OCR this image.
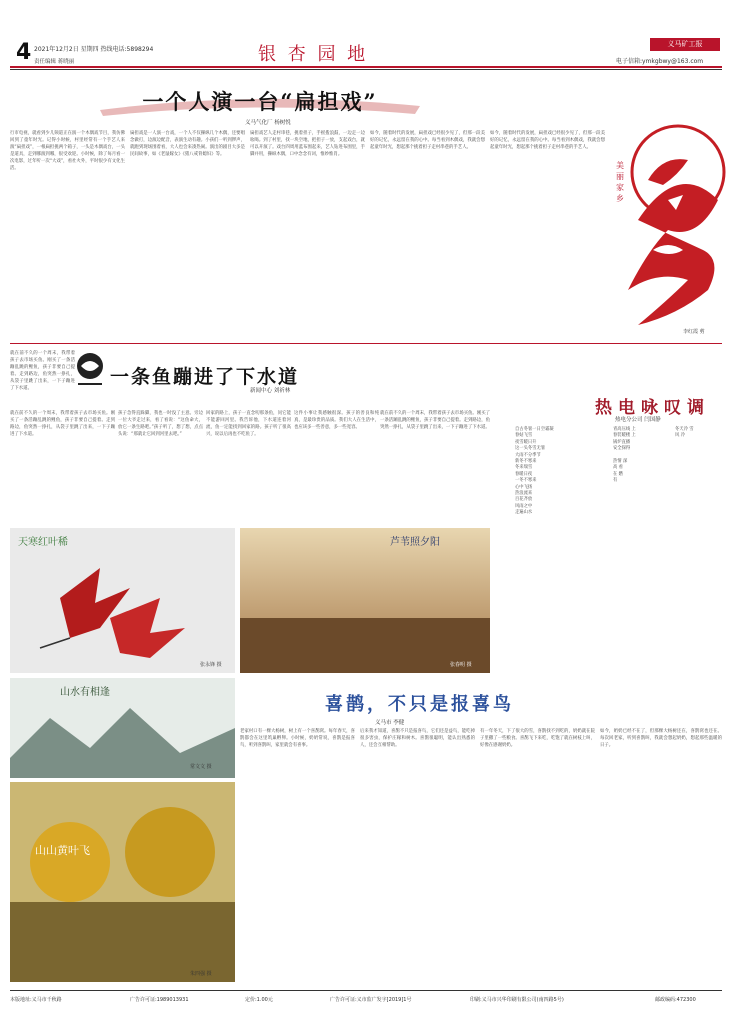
4 2021年12月2日 星期四 热线电话:5898294
责任编辑 蒋晓丽	银 杏 园 地	义马矿工报
电子信箱:ymkgbwy@163.com
一个人演一台“扁担戏”
义马气化厂 杨树悦
行市电视，就看到少儿频道正在演一个木偶戏节目，我仿佛回到了童年时光。记得小时候，村里经常有一个手艺人来演“扁担戏”，一根扁担挑两个箱子，一头是木偶戏台，一头是道具，走到哪演到哪，很受欢迎。小时候，除了每月看一次电影，过年听一次“大戏”，看社火外，平时很少有文化生活。
扁担戏是一人演一台戏，一个人不仅操纵几个木偶，还要唱念做打，边演边配音，表演生动有趣。小孩们一听到锣声，就跑到现场围着看，大人也会来凑热闹。演出的剧目大多是民间故事，如《老鼠嫁女》《猪八戒背媳妇》等。
扁担戏艺人走村串巷，挑着担子，手摇拨浪鼓，一边走一边吆喝。到了村里，找一块空地，把担子一放，支起戏台，就可以开演了。戏台四周用蓝布围起来，艺人钻进布围里，手脚并用，操纵木偶，口中念念有词，惟妙惟肖。
如今，随着时代的发展，扁担戏已经很少见了，但那一段美好的记忆，永远留在我的心中。每当看到木偶戏，我就会想起童年时光，想起那个挑着担子走村串巷的手艺人。
如今，随着时代的发展，扁担戏已经很少见了，但那一段美好的记忆，永远留在我的心中。每当看到木偶戏，我就会想起童年时光，想起那个挑着担子走村串巷的手艺人。
美丽家乡
李红霞 剪
就在前不久的一个周末，我带着孩子去市场买鱼。刚买了一条活蹦乱跳的鲤鱼，孩子非要自己提着。走到路边，鱼突然一挣扎，从袋子里跳了出来，一下子蹦进了下水道。
一条鱼蹦进了下水道
新闻中心 刘祈林
就在前不久的一个周末，我带着孩子去市场买鱼。刚买了一条活蹦乱跳的鲤鱼，孩子非要自己提着。走到路边，鱼突然一挣扎，从袋子里跳了出来，一下子蹦进了下水道。
孩子急得直跺脚，我也一时没了主意。旁边一位大爷走过来，看了看说：“这鱼命大，放它一条生路吧。”孩子听了，想了想，点点头说：“那就让它回到河里去吧。”
回家的路上，孩子一直念叨那条鱼，问它能不能游回河里。我告诉他，下水道连着河流，鱼一定能找到回家的路。孩子听了很高兴，说以后再也不吃鱼了。
这件小事让我感触很深。孩子的善良和纯真，是最珍贵的品质。我们大人在生活中，也应该多一些善意，多一些宽容。
就在前不久的一个周末，我带着孩子去市场买鱼。刚买了一条活蹦乱跳的鲤鱼，孩子非要自己提着。走到路边，鱼突然一挣扎，从袋子里跳了出来，一下子蹦进了下水道。
热电咏叹调
热电分公司 闫国静
自古冬暑一日空霜凝
春姑飞雪
夜雪暖日升
这一头冬雪无暑
大雨不分季节
新冬不寒来
冬来瑞雪
春暖日夜
一冬不寒来
心中飞扬
热浪流来
百花齐放
风雨之中
走遍山水

青高压线 上
春装暖楼 上
锅炉直播
安全探得

热情 深
高 看
在 燃
有

冬天冷 雪
风 冷

天寒红叶稀
张永锋 摄
芦苇照夕阳
张春明 摄
山水有相逢
常文文 摄
山山黄叶飞
朱四强 摄
喜鹊，不只是报喜鸟
义马市 李健
老家村口有一棵大杨树，树上有一个喜鹊窝。每年春天，喜鹊都会在这里筑巢孵卵。小时候，奶奶常说，喜鹊是报喜鸟，听到喜鹊叫，家里就会有喜事。
后来我才知道，喜鹊不只是报喜鸟，它们还是益鸟，能吃掉很多害虫，保护庄稼和树木。喜鹊很聪明，能认出熟悉的人，还会互相帮助。
有一年冬天，下了很大的雪，喜鹊找不到吃的，奶奶就在院子里撒了一些粮食。喜鹊飞下来吃，吃饱了就在树枝上叫，好像在感谢奶奶。
如今，奶奶已经不在了，但那棵大杨树还在，喜鹊窝也还在。每次回老家，听到喜鹊叫，我就会想起奶奶，想起那些温暖的日子。
本版地址:义马市千秋路	广告许可证:1989013931	定价:1.00元	广告许可证:义市监广发字[2019]1号	印刷:义马市兴华印刷有限公司(南四路5号)	邮政编码:472300
